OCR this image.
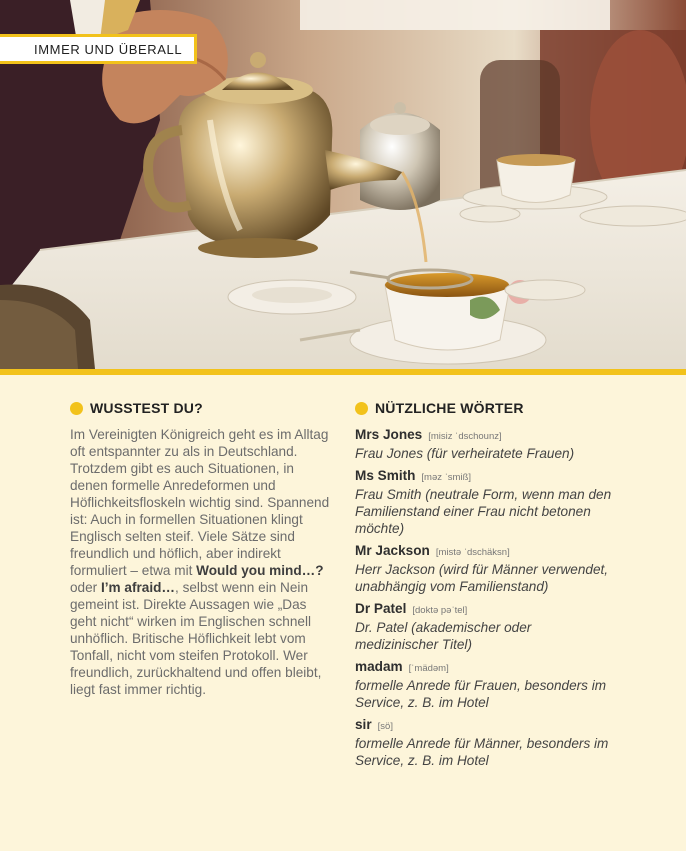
IMMER UND ÜBERALL
WUSSTEST DU?

Im Vereinigten Königreich geht es im Alltag oft entspannter zu als in Deutschland. Trotzdem gibt es auch Situationen, in denen formelle Anredeformen und Höflichkeitsfloskeln wichtig sind. Spannend ist: Auch in formellen Situationen klingt Englisch selten steif. Viele Sätze sind freundlich und höflich, aber indirekt formuliert – etwa mit Would you mind…? oder I’m afraid…, selbst wenn ein Nein gemeint ist. Direkte Aussagen wie „Das geht nicht“ wirken im Englischen schnell unhöflich. Britische Höflichkeit lebt vom Tonfall, nicht vom steifen Protokoll. Wer freundlich, zurückhaltend und offen bleibt, liegt fast immer richtig.

NÜTZLICHE WÖRTER
Mrs Jones [misiz ˈdschounz]
Frau Jones (für verheiratete Frauen)
Ms Smith [məz ˈsmiß]
Frau Smith (neutrale Form, wenn man den Familienstand einer Frau nicht betonen möchte)
Mr Jackson [mistə ˈdschäksn]
Herr Jackson (wird für Männer verwendet, unabhängig vom Familienstand)
Dr Patel [doktə pəˈtel]
Dr. Patel (akademischer oder medizinischer Titel)
madam [ˈmädəm]
formelle Anrede für Frauen, besonders im Service, z. B. im Hotel
sir [sö]
formelle Anrede für Männer, besonders im Service, z. B. im Hotel
